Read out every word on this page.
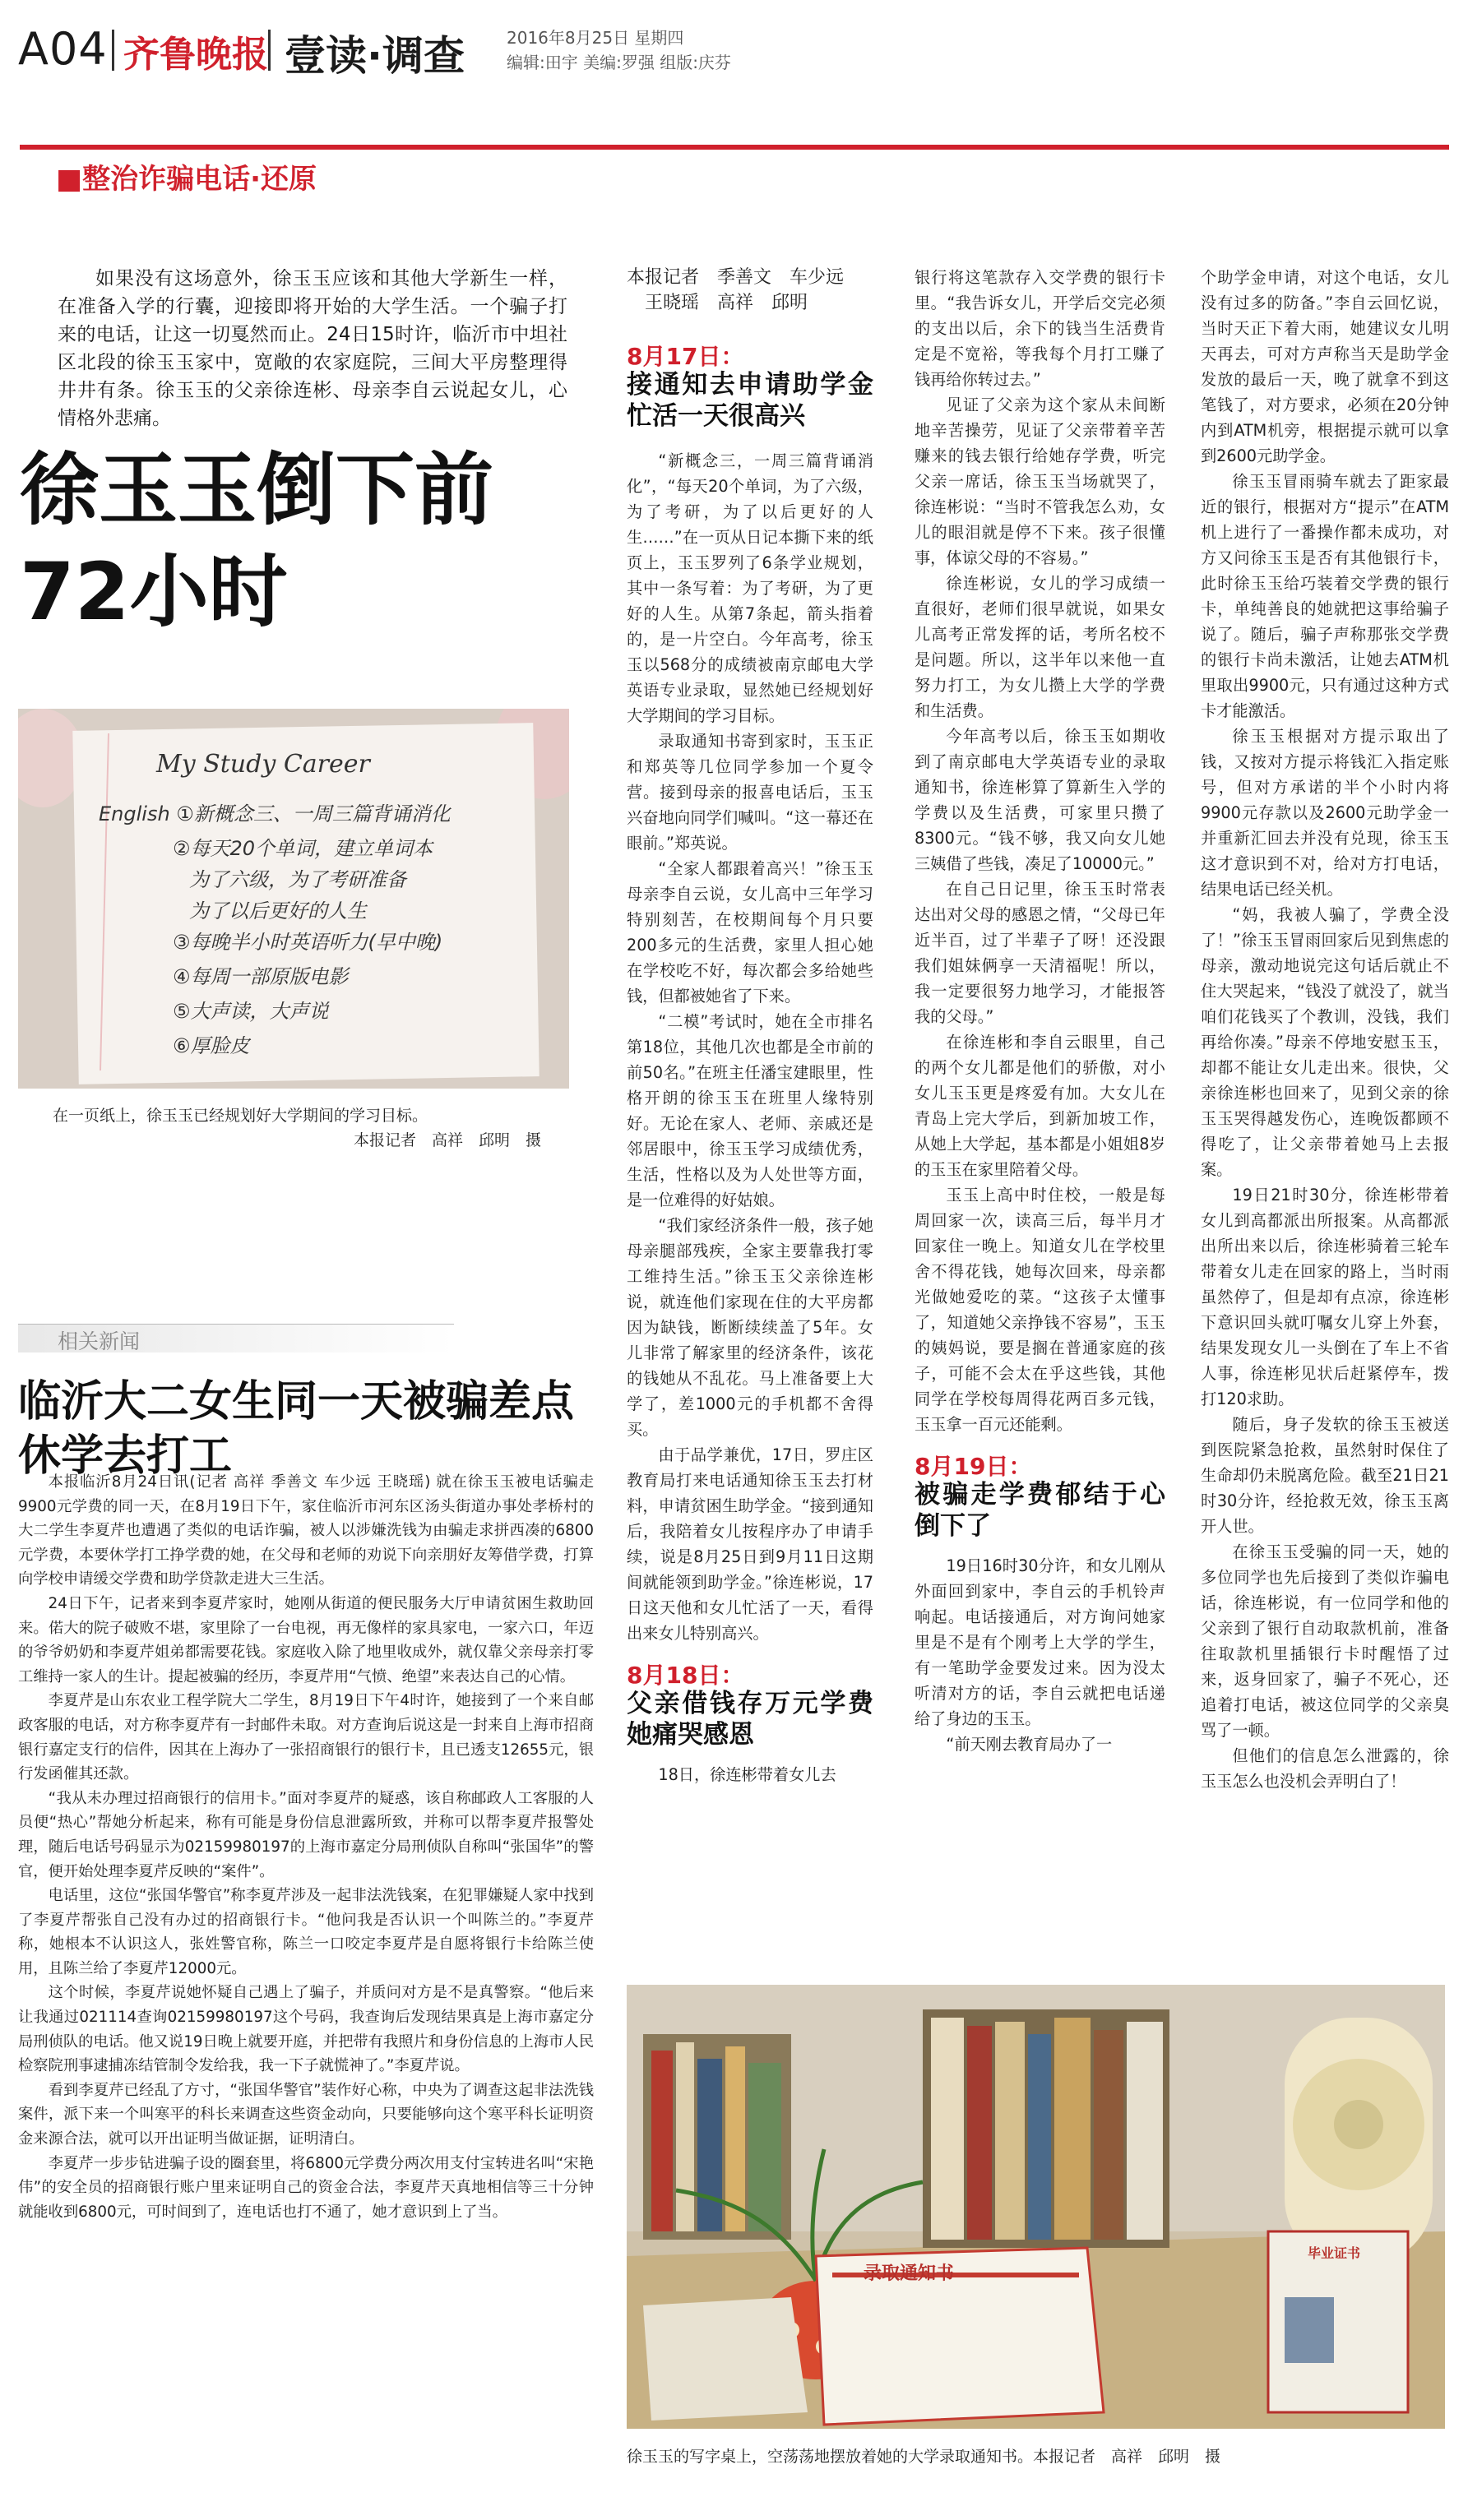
A04 齐鲁晚报 壹读·调查	2016年8月25日 星期四
编辑:田宇 美编:罗强 组版:庆芬
■整治诈骗电话·还原
如果没有这场意外，徐玉玉应该和其他大学新生一样，在准备入学的行囊，迎接即将开始的大学生活。一个骗子打来的电话，让这一切戛然而止。24日15时许，临沂市中坦社区北段的徐玉玉家中，宽敞的农家庭院，三间大平房整理得井井有条。徐玉玉的父亲徐连彬、母亲李自云说起女儿，心情格外悲痛。
徐玉玉倒下前72小时
My Study Career
English ①新概念三、一周三篇背诵消化
②每天20个单词，建立单词本
为了六级，为了考研准备
为了以后更好的人生
③每晚半小时英语听力(早中晚)
④每周一部原版电影
⑤大声读，大声说
⑥厚脸皮
在一页纸上，徐玉玉已经规划好大学期间的学习目标。
本报记者　高祥　邱明　摄
相关新闻
临沂大二女生同一天被骗差点休学去打工

本报临沂8月24日讯(记者 高祥 季善文 车少远 王晓瑶) 就在徐玉玉被电话骗走9900元学费的同一天，在8月19日下午，家住临沂市河东区汤头街道办事处孝桥村的大二学生李夏芹也遭遇了类似的电话诈骗，被人以涉嫌洗钱为由骗走求拼西凑的6800元学费，本要休学打工挣学费的她，在父母和老师的劝说下向亲朋好友筹借学费，打算向学校申请缓交学费和助学贷款走进大三生活。

24日下午，记者来到李夏芹家时，她刚从街道的便民服务大厅申请贫困生救助回来。偌大的院子破败不堪，家里除了一台电视，再无像样的家具家电，一家六口，年迈的爷爷奶奶和李夏芹姐弟都需要花钱。家庭收入除了地里收成外，就仅靠父亲母亲打零工维持一家人的生计。提起被骗的经历，李夏芹用“气愤、绝望”来表达自己的心情。

李夏芹是山东农业工程学院大二学生，8月19日下午4时许，她接到了一个来自邮政客服的电话，对方称李夏芹有一封邮件未取。对方查询后说这是一封来自上海市招商银行嘉定支行的信件，因其在上海办了一张招商银行的银行卡，且已透支12655元，银行发函催其还款。

“我从未办理过招商银行的信用卡。”面对李夏芹的疑惑，该自称邮政人工客服的人员便“热心”帮她分析起来，称有可能是身份信息泄露所致，并称可以帮李夏芹报警处理，随后电话号码显示为02159980197的上海市嘉定分局刑侦队自称叫“张国华”的警官，便开始处理李夏芹反映的“案件”。

电话里，这位“张国华警官”称李夏芹涉及一起非法洗钱案，在犯罪嫌疑人家中找到了李夏芹帮张自己没有办过的招商银行卡。“他问我是否认识一个叫陈兰的。”李夏芹称，她根本不认识这人，张姓警官称，陈兰一口咬定李夏芹是自愿将银行卡给陈兰使用，且陈兰给了李夏芹12000元。

这个时候，李夏芹说她怀疑自己遇上了骗子，并质问对方是不是真警察。“他后来让我通过021114查询02159980197这个号码，我查询后发现结果真是上海市嘉定分局刑侦队的电话。他又说19日晚上就要开庭，并把带有我照片和身份信息的上海市人民检察院刑事逮捕冻结管制令发给我，我一下子就慌神了。”李夏芹说。

看到李夏芹已经乱了方寸，“张国华警官”装作好心称，中央为了调查这起非法洗钱案件，派下来一个叫寒平的科长来调查这些资金动向，只要能够向这个寒平科长证明资金来源合法，就可以开出证明当做证据，证明清白。

李夏芹一步步钻进骗子设的圈套里，将6800元学费分两次用支付宝转进名叫“宋艳伟”的安全员的招商银行账户里来证明自己的资金合法，李夏芹天真地相信等三十分钟就能收到6800元，可时间到了，连电话也打不通了，她才意识到上了当。

本报记者　季善文　车少远
王晓瑶　高祥　邱明
8月17日：
接通知去申请助学金忙活一天很高兴

“新概念三，一周三篇背诵消化”，“每天20个单词，为了六级，为了考研，为了以后更好的人生……”在一页从日记本撕下来的纸页上，玉玉罗列了6条学业规划，其中一条写着：为了考研，为了更好的人生。从第7条起，箭头指着的，是一片空白。今年高考，徐玉玉以568分的成绩被南京邮电大学英语专业录取，显然她已经规划好大学期间的学习目标。

录取通知书寄到家时，玉玉正和郑英等几位同学参加一个夏令营。接到母亲的报喜电话后，玉玉兴奋地向同学们喊叫。“这一幕还在眼前。”郑英说。

“全家人都跟着高兴！”徐玉玉母亲李自云说，女儿高中三年学习特别刻苦，在校期间每个月只要200多元的生活费，家里人担心她在学校吃不好，每次都会多给她些钱，但都被她省了下来。

“二模”考试时，她在全市排名第18位，其他几次也都是全市前的前50名。”在班主任潘宝建眼里，性格开朗的徐玉玉在班里人缘特别好。无论在家人、老师、亲戚还是邻居眼中，徐玉玉学习成绩优秀，生活，性格以及为人处世等方面，是一位难得的好姑娘。

“我们家经济条件一般，孩子她母亲腿部残疾，全家主要靠我打零工维持生活。”徐玉玉父亲徐连彬说，就连他们家现在住的大平房都因为缺钱，断断续续盖了5年。女儿非常了解家里的经济条件，该花的钱她从不乱花。马上准备要上大学了，差1000元的手机都不舍得买。

由于品学兼优，17日，罗庄区教育局打来电话通知徐玉玉去打材料，申请贫困生助学金。“接到通知后，我陪着女儿按程序办了申请手续，说是8月25日到9月11日这期间就能领到助学金。”徐连彬说，17日这天他和女儿忙活了一天，看得出来女儿特别高兴。

8月18日：
父亲借钱存万元学费她痛哭感恩

18日，徐连彬带着女儿去

银行将这笔款存入交学费的银行卡里。“我告诉女儿，开学后交完必须的支出以后，余下的钱当生活费肯定是不宽裕，等我每个月打工赚了钱再给你转过去。”

见证了父亲为这个家从未间断地辛苦操劳，见证了父亲带着辛苦赚来的钱去银行给她存学费，听完父亲一席话，徐玉玉当场就哭了，徐连彬说：“当时不管我怎么劝，女儿的眼泪就是停不下来。孩子很懂事，体谅父母的不容易。”

徐连彬说，女儿的学习成绩一直很好，老师们很早就说，如果女儿高考正常发挥的话，考所名校不是问题。所以，这半年以来他一直努力打工，为女儿攒上大学的学费和生活费。

今年高考以后，徐玉玉如期收到了南京邮电大学英语专业的录取通知书，徐连彬算了算新生入学的学费以及生活费，可家里只攒了8300元。“钱不够，我又向女儿她三姨借了些钱，凑足了10000元。”

在自己日记里，徐玉玉时常表达出对父母的感恩之情，“父母已年近半百，过了半辈子了呀！还没跟我们姐妹俩享一天清福呢！所以，我一定要很努力地学习，才能报答我的父母。”

在徐连彬和李自云眼里，自己的两个女儿都是他们的骄傲，对小女儿玉玉更是疼爱有加。大女儿在青岛上完大学后，到新加坡工作，从她上大学起，基本都是小姐姐8岁的玉玉在家里陪着父母。

玉玉上高中时住校，一般是每周回家一次，读高三后，每半月才回家住一晚上。知道女儿在学校里舍不得花钱，她每次回来，母亲都光做她爱吃的菜。“这孩子太懂事了，知道她父亲挣钱不容易”，玉玉的姨妈说，要是搁在普通家庭的孩子，可能不会太在乎这些钱，其他同学在学校每周得花两百多元钱，玉玉拿一百元还能剩。

8月19日：
被骗走学费郁结于心倒下了

19日16时30分许，和女儿刚从外面回到家中，李自云的手机铃声响起。电话接通后，对方询问她家里是不是有个刚考上大学的学生，有一笔助学金要发过来。因为没太听清对方的话，李自云就把电话递给了身边的玉玉。

“前天刚去教育局办了一

个助学金申请，对这个电话，女儿没有过多的防备。”李自云回忆说，当时天正下着大雨，她建议女儿明天再去，可对方声称当天是助学金发放的最后一天，晚了就拿不到这笔钱了，对方要求，必须在20分钟内到ATM机旁，根据提示就可以拿到2600元助学金。

徐玉玉冒雨骑车就去了距家最近的银行，根据对方“提示”在ATM机上进行了一番操作都未成功，对方又问徐玉玉是否有其他银行卡，此时徐玉玉给巧装着交学费的银行卡，单纯善良的她就把这事给骗子说了。随后，骗子声称那张交学费的银行卡尚未激活，让她去ATM机里取出9900元，只有通过这种方式卡才能激活。

徐玉玉根据对方提示取出了钱，又按对方提示将钱汇入指定账号，但对方承诺的半个小时内将9900元存款以及2600元助学金一并重新汇回去并没有兑现，徐玉玉这才意识到不对，给对方打电话，结果电话已经关机。

“妈，我被人骗了，学费全没了！”徐玉玉冒雨回家后见到焦虑的母亲，激动地说完这句话后就止不住大哭起来，“钱没了就没了，就当咱们花钱买了个教训，没钱，我们再给你凑。”母亲不停地安慰玉玉，却都不能让女儿走出来。很快，父亲徐连彬也回来了，见到父亲的徐玉玉哭得越发伤心，连晚饭都顾不得吃了，让父亲带着她马上去报案。

19日21时30分，徐连彬带着女儿到高都派出所报案。从高都派出所出来以后，徐连彬骑着三轮车带着女儿走在回家的路上，当时雨虽然停了，但是却有点凉，徐连彬下意识回头就叮嘱女儿穿上外套，结果发现女儿一头倒在了车上不省人事，徐连彬见状后赶紧停车，拨打120求助。

随后，身子发软的徐玉玉被送到医院紧急抢救，虽然射时保住了生命却仍未脱离危险。截至21日21时30分许，经抢救无效，徐玉玉离开人世。

在徐玉玉受骗的同一天，她的多位同学也先后接到了类似诈骗电话，徐连彬说，有一位同学和他的父亲到了银行自动取款机前，准备往取款机里插银行卡时醒悟了过来，返身回家了，骗子不死心，还追着打电话，被这位同学的父亲臭骂了一顿。

但他们的信息怎么泄露的，徐玉玉怎么也没机会弄明白了！

录取通知书
毕业证书
徐玉玉的写字桌上，空荡荡地摆放着她的大学录取通知书。本报记者　高祥　邱明　摄
